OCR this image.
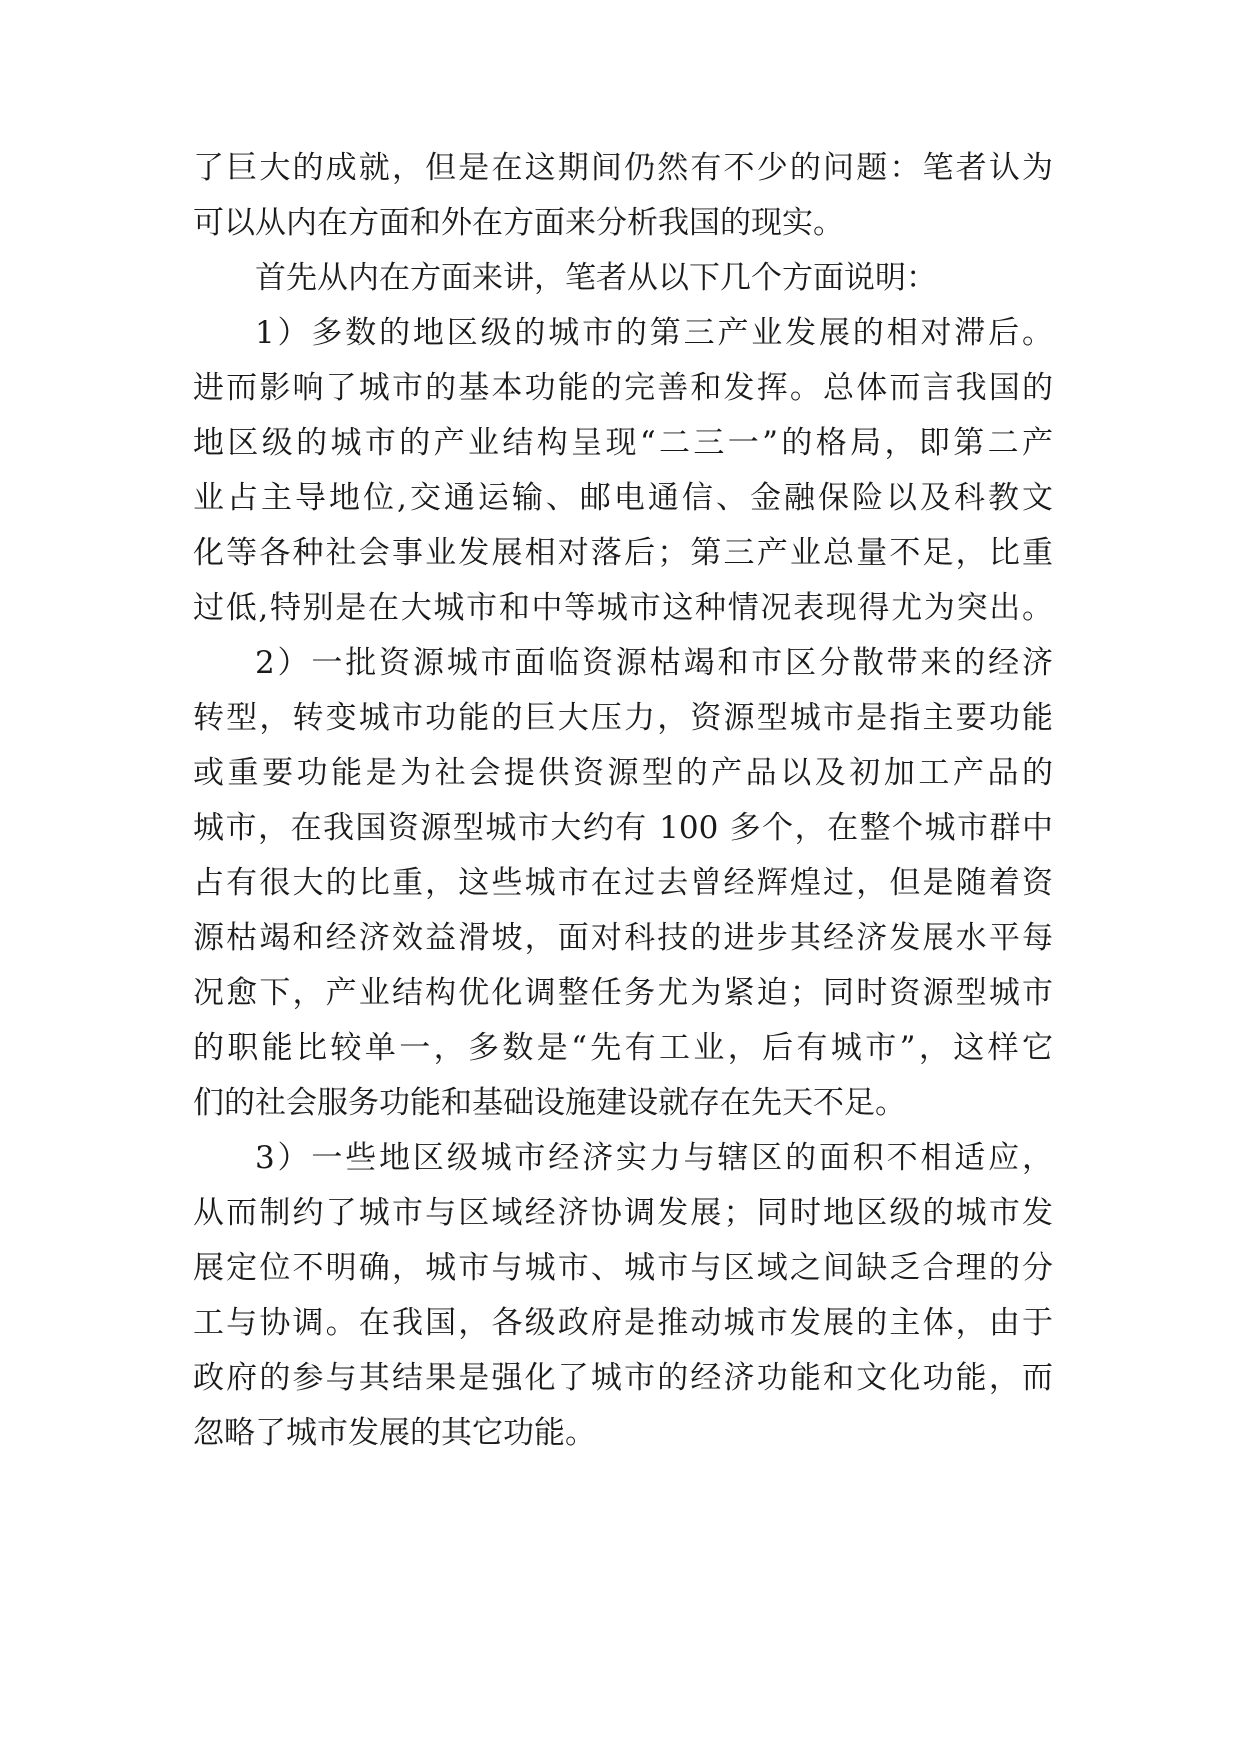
了巨大的成就，但是在这期间仍然有不少的问题：笔者认为
可以从内在方面和外在方面来分析我国的现实。
首先从内在方面来讲，笔者从以下几个方面说明：
1）多数的地区级的城市的第三产业发展的相对滞后。
进而影响了城市的基本功能的完善和发挥。总体而言我国的
地区级的城市的产业结构呈现“二三一”的格局，即第二产
业占主导地位,交通运输、邮电通信、金融保险以及科教文
化等各种社会事业发展相对落后；第三产业总量不足，比重
过低,特别是在大城市和中等城市这种情况表现得尤为突出。
2）一批资源城市面临资源枯竭和市区分散带来的经济
转型，转变城市功能的巨大压力，资源型城市是指主要功能
或重要功能是为社会提供资源型的产品以及初加工产品的
城市，在我国资源型城市大约有 100 多个，在整个城市群中
占有很大的比重，这些城市在过去曾经辉煌过，但是随着资
源枯竭和经济效益滑坡，面对科技的进步其经济发展水平每
况愈下，产业结构优化调整任务尤为紧迫；同时资源型城市
的职能比较单一，多数是“先有工业，后有城市”，这样它
们的社会服务功能和基础设施建设就存在先天不足。
3）一些地区级城市经济实力与辖区的面积不相适应，
从而制约了城市与区域经济协调发展；同时地区级的城市发
展定位不明确，城市与城市、城市与区域之间缺乏合理的分
工与协调。在我国，各级政府是推动城市发展的主体，由于
政府的参与其结果是强化了城市的经济功能和文化功能，而
忽略了城市发展的其它功能。
